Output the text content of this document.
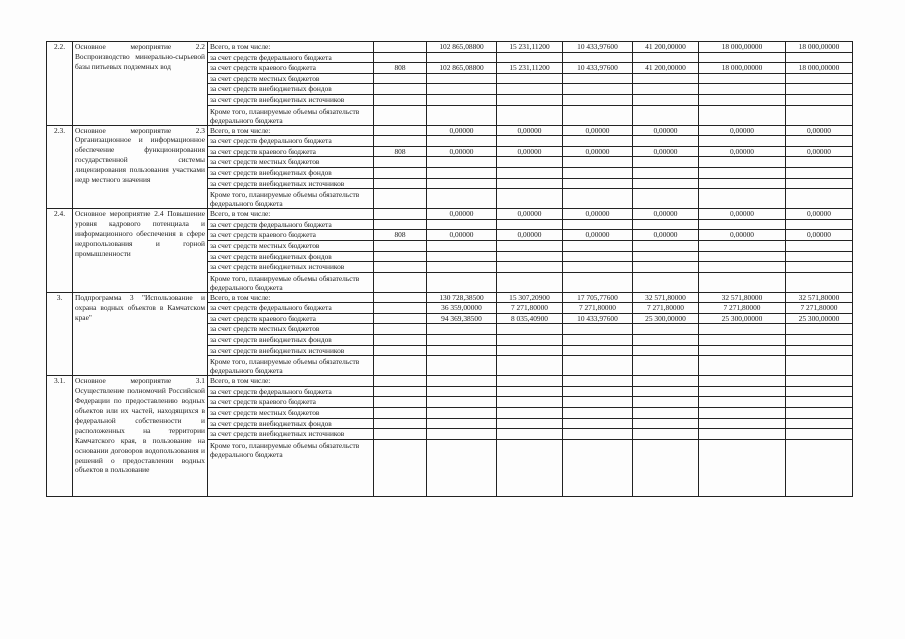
2.2.	Основное мероприятие 2.2 Воспроизводство минерально-сырьевой базы питьевых подземных вод	Всего, в том числе:		102 865,08800	15 231,11200	10 433,97600	41 200,00000	18 000,00000	18 000,00000
		за счет средств федерального бюджета							
		за счет средств краевого бюджета	808	102 865,08800	15 231,11200	10 433,97600	41 200,00000	18 000,00000	18 000,00000
		за счет средств местных бюджетов							
		за счет средств внебюджетных фондов							
		за счет средств внебюджетных источников							
		Кроме того, планируемые объемы обязательств федерального бюджета							
2.3.	Основное мероприятие 2.3 Организационное и информационное обеспечение функционирования государственной системы лицензирования пользования участками недр местного значения	Всего, в том числе:		0,00000	0,00000	0,00000	0,00000	0,00000	0,00000
		за счет средств федерального бюджета							
		за счет средств краевого бюджета	808	0,00000	0,00000	0,00000	0,00000	0,00000	0,00000
		за счет средств местных бюджетов							
		за счет средств внебюджетных фондов							
		за счет средств внебюджетных источников							
		Кроме того, планируемые объемы обязательств федерального бюджета							
2.4.	Основное мероприятие 2.4 Повышение уровня кадрового потенциала и информационного обеспечения в сфере недропользования и горной промышленности	Всего, в том числе:		0,00000	0,00000	0,00000	0,00000	0,00000	0,00000
		за счет средств федерального бюджета							
		за счет средств краевого бюджета	808	0,00000	0,00000	0,00000	0,00000	0,00000	0,00000
		за счет средств местных бюджетов							
		за счет средств внебюджетных фондов							
		за счет средств внебюджетных источников							
		Кроме того, планируемые объемы обязательств федерального бюджета							
3.	Подпрограмма 3 "Использование и охрана водных объектов в Камчатском крае"	Всего, в том числе:		130 728,38500	15 307,20900	17 705,77600	32 571,80000	32 571,80000	32 571,80000
		за счет средств федерального бюджета		36 359,00000	7 271,80000	7 271,80000	7 271,80000	7 271,80000	7 271,80000
		за счет средств краевого бюджета		94 369,38500	8 035,40900	10 433,97600	25 300,00000	25 300,00000	25 300,00000
		за счет средств местных бюджетов							
		за счет средств внебюджетных фондов							
		за счет средств внебюджетных источников							
		Кроме того, планируемые объемы обязательств федерального бюджета							
3.1.	Основное мероприятие 3.1 Осуществление полномочий Российской Федерации по предоставлению водных объектов или их частей, находящихся в федеральной собственности и расположенных на территории Камчатского края, в пользование на основании договоров водопользования и решений о предоставлении водных объектов в пользование	Всего, в том числе:							
		за счет средств федерального бюджета							
		за счет средств краевого бюджета							
		за счет средств местных бюджетов							
		за счет средств внебюджетных фондов							
		за счет средств внебюджетных источников							
		Кроме того, планируемые объемы обязательств федерального бюджета							
